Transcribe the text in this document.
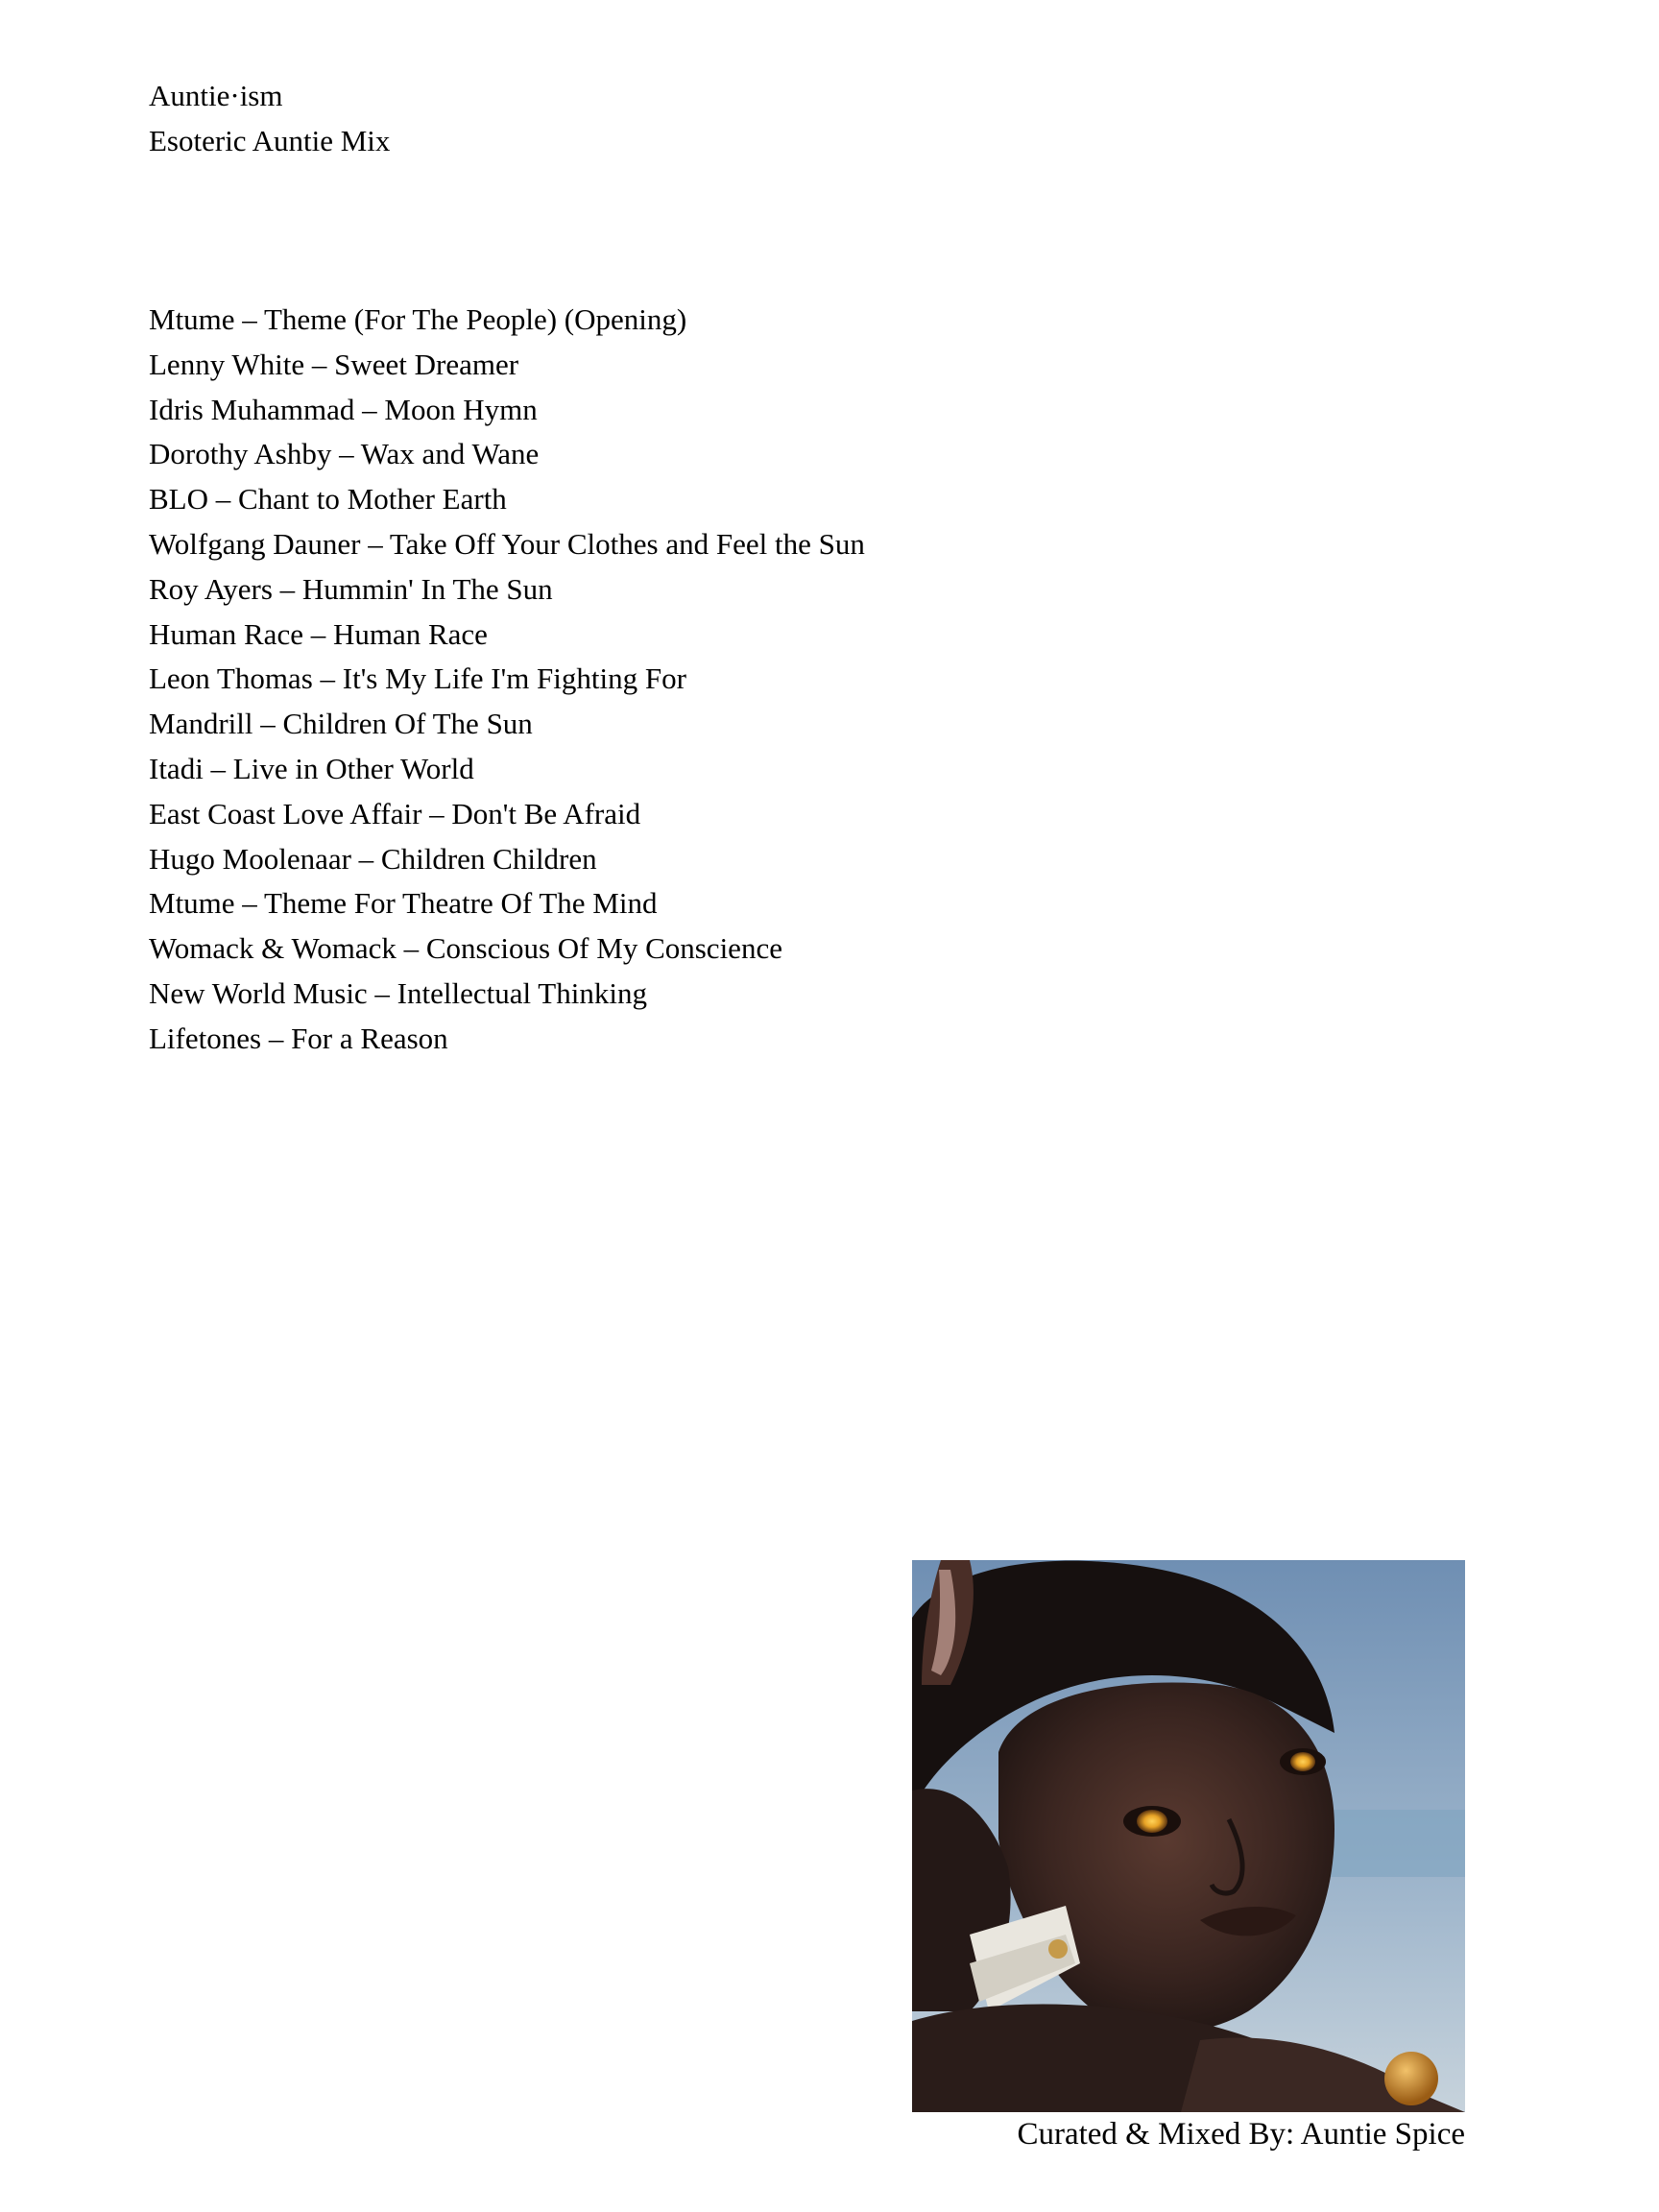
Auntie·ism
Esoteric Auntie Mix
Mtume – Theme (For The People) (Opening)
Lenny White – Sweet Dreamer
Idris Muhammad – Moon Hymn
Dorothy Ashby – Wax and Wane
BLO – Chant to Mother Earth
Wolfgang Dauner – Take Off Your Clothes and Feel the Sun
Roy Ayers – Hummin' In The Sun
Human Race – Human Race
Leon Thomas – It's My Life I'm Fighting For
Mandrill – Children Of The Sun
Itadi – Live in Other World
East Coast Love Affair – Don't Be Afraid
Hugo Moolenaar – Children Children
Mtume – Theme For Theatre Of The Mind
Womack & Womack – Conscious Of My Conscience
New World Music – Intellectual Thinking
Lifetones – For a Reason
Curated & Mixed By: Auntie Spice
